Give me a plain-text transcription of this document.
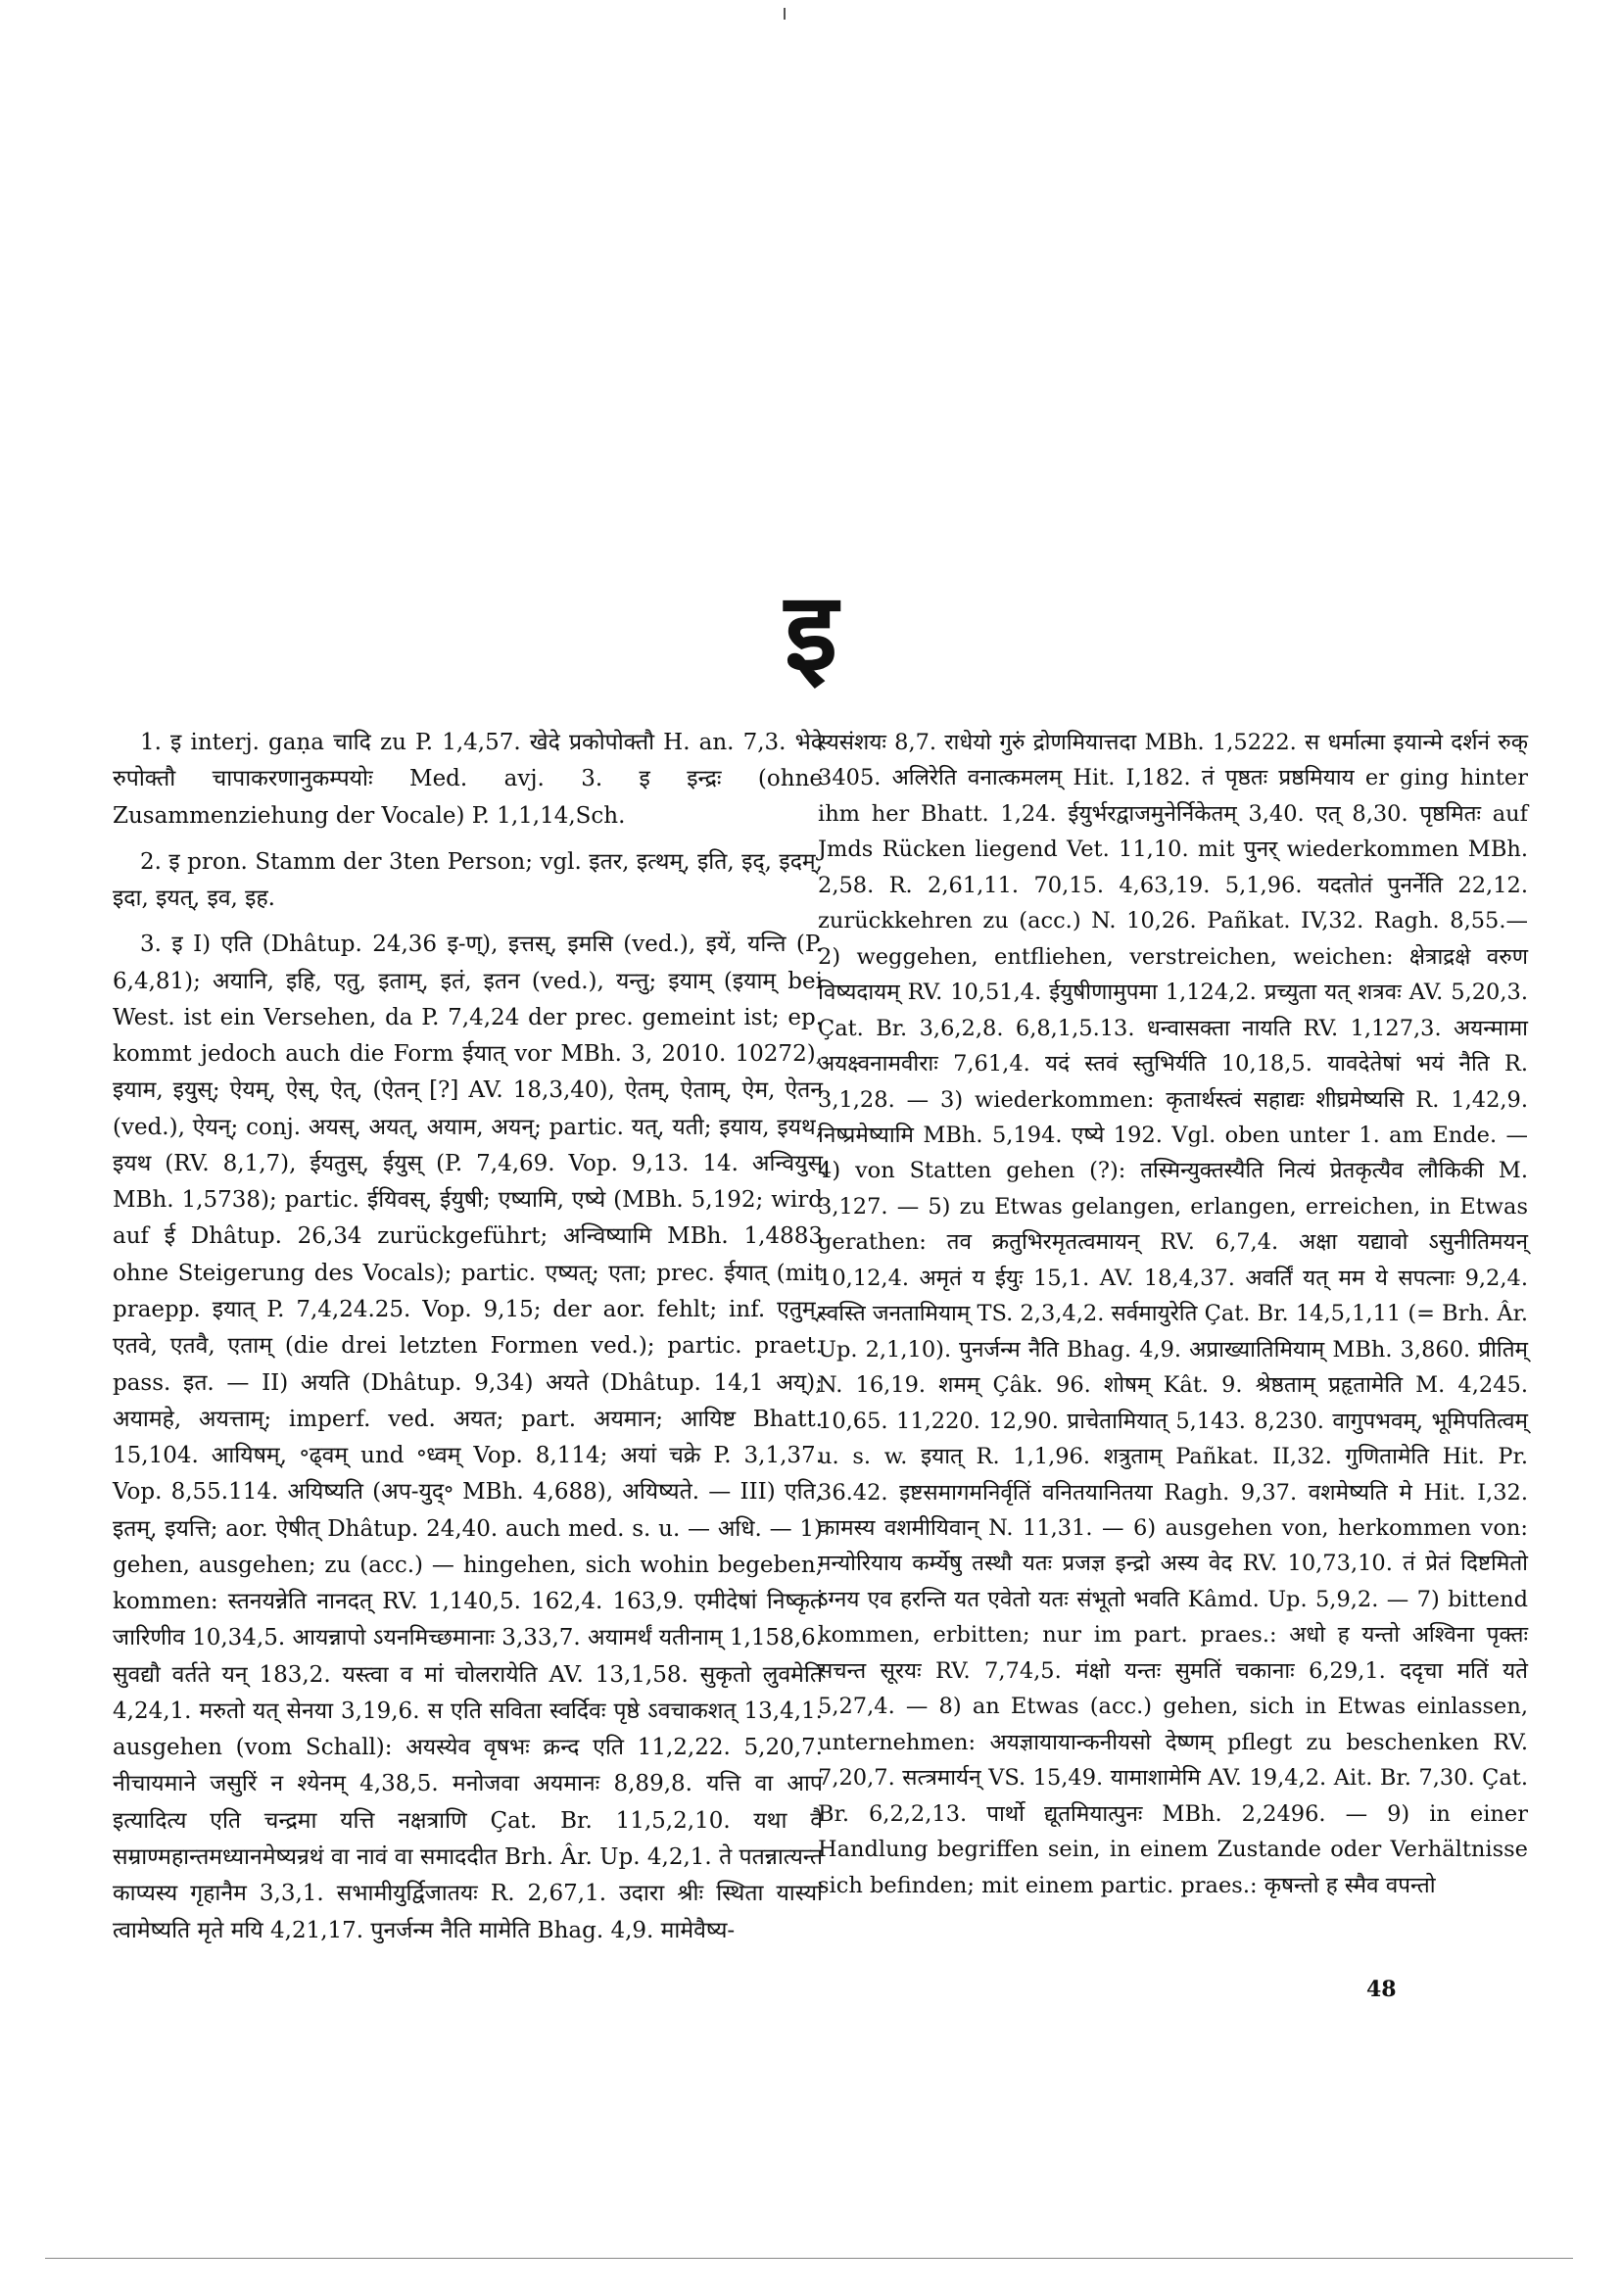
इ

1. इ interj. gaṇa चादि zu P. 1,4,57. खेदे प्रकोपोक्तौ H. an. 7,3. भेदे रुपोक्तौ चापाकरणानुकम्पयोः Med. avj. 3. इ इन्द्रः (ohne Zusammenziehung der Vocale) P. 1,1,14,Sch.

2. इ pron. Stamm der 3ten Person; vgl. इतर, इत्थम्, इति, इद्, इदम्, इदा, इयत्, इव, इह.

3. इ I) एति (Dhâtup. 24,36 इ-ण्), इत्तस्, इमसि (ved.), इयें, यन्ति (P. 6,4,81); अयानि, इहि, एतु, इताम्, इतं, इतन (ved.), यन्तु; इयाम् (इयाम् bei West. ist ein Versehen, da P. 7,4,24 der prec. gemeint ist; ep. kommt jedoch auch die Form ईयात् vor MBh. 3, 2010. 10272), इयाम, इयुस्; ऐयम्, ऐस्, ऐत्, (ऐतन् [?] AV. 18,3,40), ऐतम्, ऐताम्, ऐम, ऐतन (ved.), ऐयन्; conj. अयस्, अयत्, अयाम, अयन्; partic. यत्, यती; इयाय, इयथ, इयथ (RV. 8,1,7), ईयतुस्, ईयुस् (P. 7,4,69. Vop. 9,13. 14. अन्वियुस् MBh. 1,5738); partic. ईयिवस्, ईयुषी; एष्यामि, एष्ये (MBh. 5,192; wird auf ई Dhâtup. 26,34 zurückgeführt; अन्विष्यामि MBh. 1,4883 ohne Steigerung des Vocals); partic. एष्यत्; एता; prec. ईयात् (mit praepp. इयात् P. 7,4,24.25. Vop. 9,15; der aor. fehlt; inf. एतुम्, एतवे, एतवै, एताम् (die drei letzten Formen ved.); partic. praet. pass. इत. — II) अयति (Dhâtup. 9,34) अयते (Dhâtup. 14,1 अय्); अयामहे, अयत्ताम्; imperf. ved. अयत; part. अयमान; आयिष्ट Bhatt. 15,104. आयिषम्, ॰ढ्वम् und ॰ध्वम् Vop. 8,114; अयां चक्रे P. 3,1,37. Vop. 8,55.114. अयिष्यति (अप-युद्॰ MBh. 4,688), अयिष्यते. — III) एति, इतम्, इयत्ति; aor. ऐषीत् Dhâtup. 24,40. auch med. s. u. — अधि. — 1) gehen, ausgehen; zu (acc.) — hingehen, sich wohin begeben, kommen: स्तनयन्नेति नानदत् RV. 1,140,5. 162,4. 163,9. एमीदेषां निष्कृतं जारिणीव 10,34,5. आयन्नापो ऽयनमिच्छमानाः 3,33,7. अयामर्थं यतीनाम् 1,158,6. सुवद्यौ वर्तते यन् 183,2. यस्त्वा व मां चोलरायेति AV. 13,1,58. सुकृतो लुवमेति 4,24,1. मरुतो यत् सेनया 3,19,6. स एति सविता स्वर्दिवः पृष्ठे ऽवचाकशत् 13,4,1. ausgehen (vom Schall): अयस्येव वृषभः क्रन्द एति 11,2,22. 5,20,7. नीचायमाने जसुरिं न श्येनम् 4,38,5. मनोजवा अयमानः 8,89,8. यत्ति वा आप इत्यादित्य एति चन्द्रमा यत्ति नक्षत्राणि Çat. Br. 11,5,2,10. यथा वै सम्राण्महान्तमध्यानमेष्यन्रथं वा नावं वा समाददीत Brh. Âr. Up. 4,2,1. ते पतन्नात्यन्त काप्यस्य गृहानैम 3,3,1. सभामीयुर्द्विजातयः R. 2,67,1. उदारा श्रीः स्थिता यास्यां त्वामेष्यति मृते मयि 4,21,17. पुनर्जन्म नैति मामेति Bhag. 4,9. मामेवैष्य-

स्यसंशयः 8,7. राधेयो गुरुं द्रोणमियात्तदा MBh. 1,5222. स धर्मात्मा इयान्मे दर्शनं रुक् 3405. अलिरेति वनात्कमलम् Hit. I,182. तं पृष्ठतः प्रष्ठमियाय er ging hinter ihm her Bhatt. 1,24. ईयुर्भरद्वाजमुनेर्निकेतम् 3,40. एत् 8,30. पृष्ठमितः auf Jmds Rücken liegend Vet. 11,10. mit पुनर् wiederkommen MBh. 2,58. R. 2,61,11. 70,15. 4,63,19. 5,1,96. यदतोतं पुनर्नेति 22,12. zurückkehren zu (acc.) N. 10,26. Pañkat. IV,32. Ragh. 8,55.— 2) weggehen, entfliehen, verstreichen, weichen: क्षेत्राद्रक्षे वरुण विष्यदायम् RV. 10,51,4. ईयुषीणामुपमा 1,124,2. प्रच्युता यत् शत्रवः AV. 5,20,3. Çat. Br. 3,6,2,8. 6,8,1,5.13. धन्वासक्ता नायति RV. 1,127,3. अयन्मामा अयक्ष्वनामवीराः 7,61,4. यदं स्तवं स्तुभिर्यति 10,18,5. यावदेतेषां भयं नैति R. 3,1,28. — 3) wiederkommen: कृतार्थस्त्वं सहाद्यः शीघ्रमेष्यसि R. 1,42,9. निष्प्रमेष्यामि MBh. 5,194. एष्ये 192. Vgl. oben unter 1. am Ende. — 4) von Statten gehen (?): तस्मिन्युक्तस्यैति नित्यं प्रेतकृत्यैव लौकिकी M. 3,127. — 5) zu Etwas gelangen, erlangen, erreichen, in Etwas gerathen: तव क्रतुभिरमृतत्वमायन् RV. 6,7,4. अक्षा यद्यावो ऽसुनीतिमयन् 10,12,4. अमृतं य ईयुः 15,1. AV. 18,4,37. अवर्तिं यत् मम ये सपत्नाः 9,2,4. स्वस्ति जनतामियाम् TS. 2,3,4,2. सर्वमायुरेति Çat. Br. 14,5,1,11 (= Brh. Âr. Up. 2,1,10). पुनर्जन्म नैति Bhag. 4,9. अप्राख्यातिमियाम् MBh. 3,860. प्रीतिम् N. 16,19. शमम् Çâk. 96. शोषम् Kât. 9. श्रेष्ठताम् प्रहृतामेति M. 4,245. 10,65. 11,220. 12,90. प्राचेतामियात् 5,143. 8,230. वागुपभवम्, भूमिपतित्वम् u. s. w. इयात् R. 1,1,96. शत्रुताम् Pañkat. II,32. गुणितामेति Hit. Pr. 36.42. इष्टसमागमनिर्वृतिं वनितयानितया Ragh. 9,37. वशमेष्यति मे Hit. I,32. कामस्य वशमीयिवान् N. 11,31. — 6) ausgehen von, herkommen von: मन्योरियाय कर्म्येषु तस्थौ यतः प्रजज्ञ इन्द्रो अस्य वेद RV. 10,73,10. तं प्रेतं दिष्टमितो ऽग्नय एव हरन्ति यत एवेतो यतः संभूतो भवति Kâmd. Up. 5,9,2. — 7) bittend kommen, erbitten; nur im part. praes.: अधो ह यन्तो अश्विना पृक्तः सचन्त सूरयः RV. 7,74,5. मंक्षो यन्तः सुमतिं चकानाः 6,29,1. ददृचा मतिं यते 5,27,4. — 8) an Etwas (acc.) gehen, sich in Etwas einlassen, unternehmen: अयज्ञायायान्कनीयसो देष्णम् pflegt zu beschenken RV. 7,20,7. सत्त्रमार्यन् VS. 15,49. यामाशामेमि AV. 19,4,2. Ait. Br. 7,30. Çat. Br. 6,2,2,13. पार्थो द्यूतमियात्पुनः MBh. 2,2496. — 9) in einer Handlung begriffen sein, in einem Zustande oder Verhältnisse sich befinden; mit einem partic. praes.: कृषन्तो ह स्मैव वपन्तो

48
